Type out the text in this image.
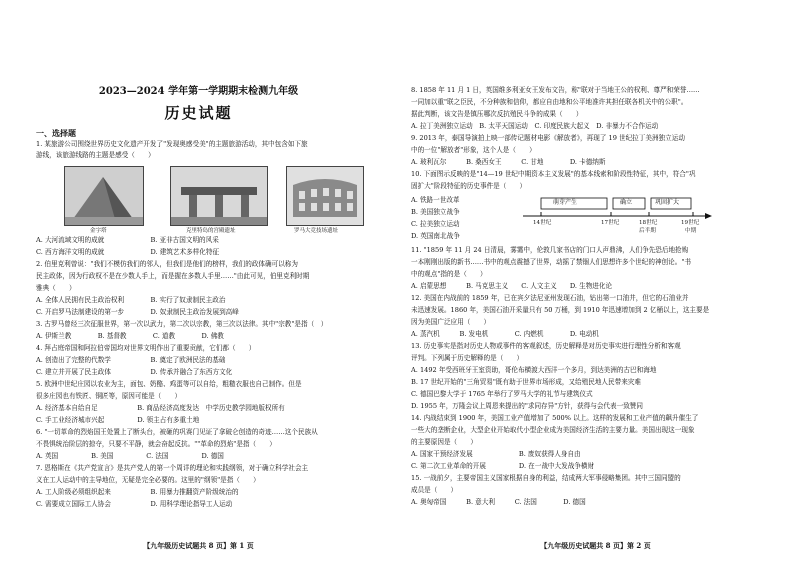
2023—2024 学年第一学期期末检测九年级
历史试题
一、选择题
1. 某旅游公司围绕世界历史文化遗产开发了"发现奥感受美"的主题旅游活动，其中包含如下旅
游线，该旅游线路的主题是感受（　　）
金字塔	克里特岛的宫殿遗址	罗马大竞技场遗址
A. 大河流域文明的成就　　　　　　　B. 亚非古国文明的风采
C. 西方海洋文明的成就　　　　　　　D. 建筑艺术多样化特征
2. 伯里克利曾说："我们不模仿我们的邻人，但我们是他们的榜样，我们的政体确可以称为
民主政体，因为行政权不是在少数人手上，而是握在多数人手里……"由此可见，伯里克利时期
雅典（　　）
A. 全体人民拥有民主政治权利　　　　B. 实行了奴隶制民主政治
C. 开启罗马法制建设的第一步　　　　D. 奴隶制民主政治发展到高峰
3. 古罗马曾经三次征服世界，第一次以武力，第二次以宗教，第三次以法律。其中"宗教"是指（　）
A. 伊斯兰教　　　　B. 基督教　　　　C. 道教　　　　D. 佛教
4. 拜占庭帝国和阿拉伯帝国均对世界文明作出了重要贡献，它们都（　　）
A. 创造出了完整的代数学　　　　　　B. 奠定了欧洲民法的基础
C. 建立并开展了民主政体　　　　　　D. 传承并融合了东西方文化
5. 欧洲中世纪庄园以农业为主，面包、奶酪、鸡蛋等可以自给，粗糙衣服也自己制作。但是
很多庄园也有铁匠、铜匠等，原因可能是（　　）
A. 经济基本自给自足　　　　　　B. 商品经济高度发达　中学历史教学园地版权所有
C. 手工业经济城市兴起　　　　　D. 领主占有多重土地
6. "一切革命的烈焰国王处置上了断头台，被砸的巩赛门见证了拿破仑创造的奇迹……这个民族从
不畏惧统治阶层的掠夺，只要不平静，就会奋起反抗。""革命的烈焰"是指（　　）
A. 英国　　　　　B. 美国　　　　　C. 法国　　　　　D. 德国
7. 恩格斯在《共产党宣言》是共产党人的第一个周详的理论和实践纲领，对于确立科学社会主
义在工人运动中的主导地位，无疑是完全必要的。这里的"纲领"是指（　　）
A. 工人阶级必须组织起来　　　　　　B. 用暴力推翻资产阶级统治的
C. 需要成立国际工人协会　　　　　　D. 用科学理论指导工人运动
【九年级历史试题共 8 页】第 1 页
8. 1858 年 11 月 1 日，英国维多利亚女王发布文告，称"联对于当地王公的权利、尊严和荣誉……
一同加以重"联之臣民，不分种族和信仰，都应自由地和公平地准许其担任联各机关中的公职"。
据此判断，该文告是镇压哪次反抗殖民斗争的成果（　　）
A. 拉丁美洲独立运动　B. 太平天国运动　C. 印度民族大起义　D. 非暴力不合作运动
9. 2013 年，泰国导演拍上映一部传记题材电影《解放者》，再现了 19 世纪拉丁美洲独立运动
中的一位"解放者"形象，这个人是（　　）
A. 玻利瓦尔　　　B. 桑西女王　　　C. 甘地　　　　D. 卡德纳斯
10. 下面图示反映的是"14—19 世纪中期资本主义发展"的基本线索和阶段性特征，其中，符合"巩
固扩大"阶段特征的历史事件是（　　）
A. 铁路一世改革
B. 美国独立战争
C. 拉美独立运动
D. 英国南北战争
萌芽产生	确立	巩固扩大
14世纪	17世纪	18世纪	19世纪
后半期	中期
11. "1859 年 11 月 24 日清晨，雾霭中，伦敦几家书店的门口人声鼎沸，人们争先恐后地抢购
一本刚刚出版的新书……书中的观点震撼了世界，动摇了禁锢人们思想许多个世纪的神创论。"书
中的观点"指的是（　　）
A. 启蒙思想　　　B. 马克思主义　　C. 人文主义　　D. 生物进化论
12. 美国在内战前的 1859 年，已在宾夕法尼亚州发现石油，钻出第一口油井，但它的石油业并
未迅速发展。1860 年，美国石油开采量只有 50 万桶，到 1910 年迅速增加到 2 亿桶以上，这主要是
因为美国广泛应用（　　）
A. 蒸汽机　　　B. 发电机　　　　C. 内燃机　　　　D. 电动机
13. 历史事实是指对历史人物或事件的客观叙述，历史解释是对历史事实进行理性分析和客观
评判。下列属于历史解释的是（　　）
A. 1492 年受西班牙王室资助，哥伦布横渡大西洋一个多月，到达美洲的古巴和海地
B. 17 世纪开始的"三角贸易"既有助于世界市场形成，又给殖民地人民带来灾难
C. 德国巴黎大学于 1765 年举行了罗马大学的礼节与建筑仪式
D. 1955 年，万隆会议上周恩来提出的"求同存异"方针，获得与会代表一致赞同
14. 内战结束到 1900 年，美国工业产值增加了 500% 以上。这样的发展和工业产值的飙升催生了
一些大的垄断企业，大型企业开始取代小型企业成为美国经济生活的主要力量。美国出现这一现象
的主要原因是（　　）
A. 国家干预经济发展　　　　　　　B. 废奴获得人身自由
C. 第二次工业革命的开展　　　　　D. 在一战中大发战争横财
15. 一战前夕，主要帝国主义国家根据自身的利益，结成两大军事侵略集团。其中三国同盟的
成员是（　　）
A. 奥匈帝国　　　B. 意大利　　　C. 法国　　　　D. 德国
【九年级历史试题共 8 页】第 2 页
